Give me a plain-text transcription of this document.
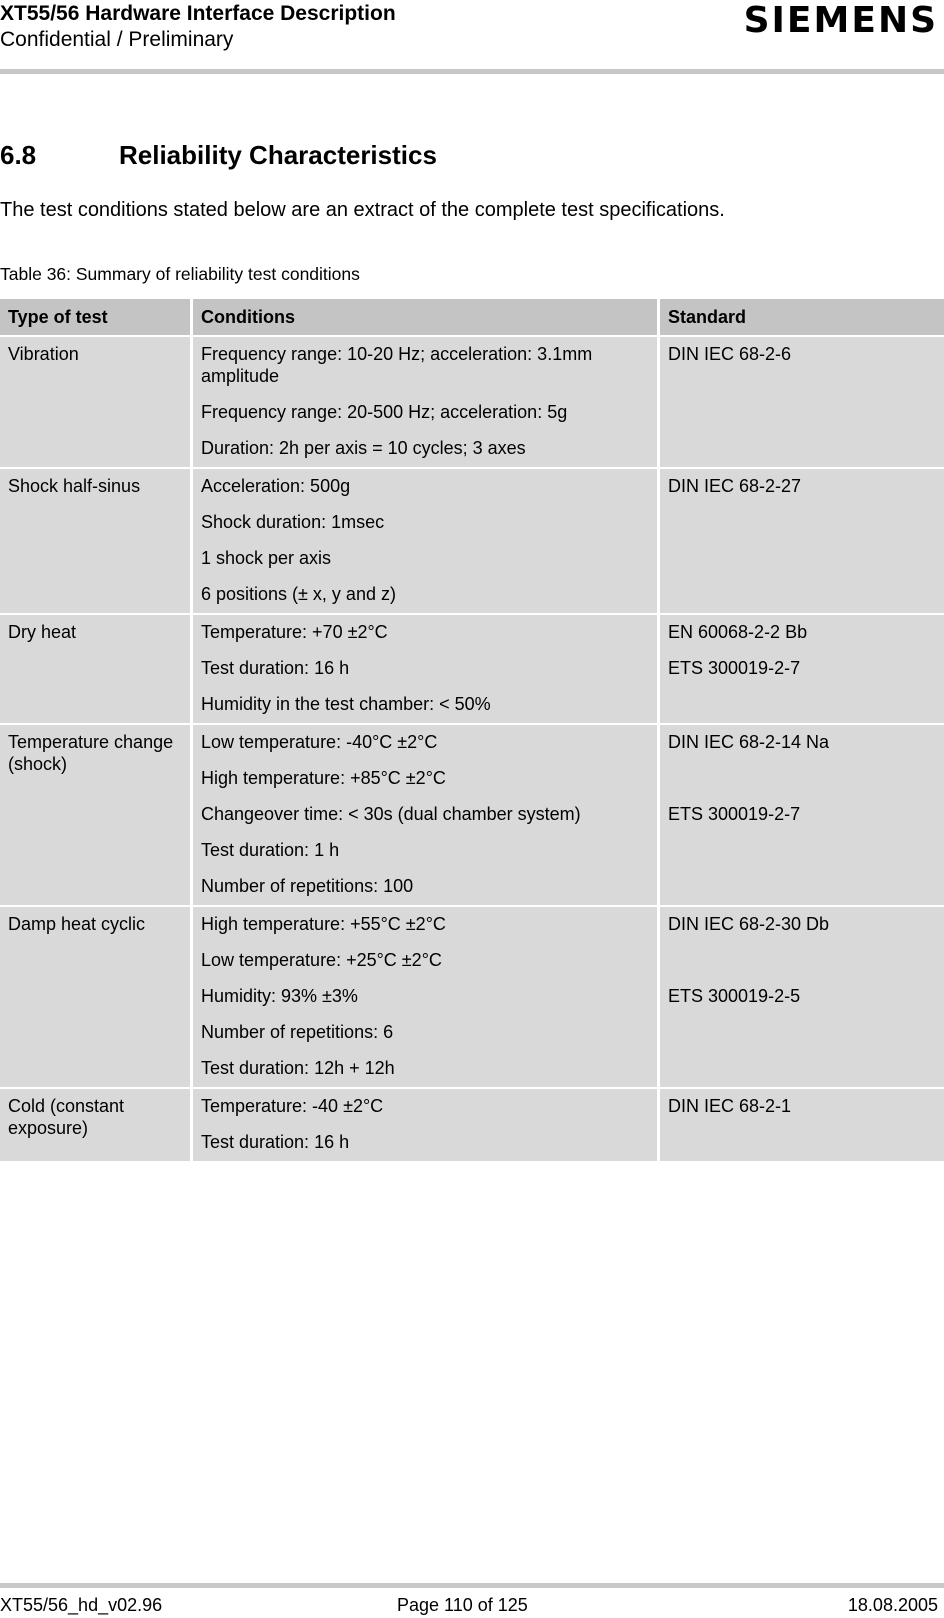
XT55/56 Hardware Interface Description
Confidential / Preliminary	SIEMENS
6.8	Reliability Characteristics
The test conditions stated below are an extract of the complete test specifications.
Table 36: Summary of reliability test conditions
Type of test	Conditions	Standard
Vibration	Frequency range: 10-20 Hz; acceleration: 3.1mm amplitude
Frequency range: 20-500 Hz; acceleration: 5g
Duration: 2h per axis = 10 cycles; 3 axes	DIN IEC 68-2-6

Shock half-sinus	Acceleration: 500g
Shock duration: 1msec
1 shock per axis
6 positions (± x, y and z)	DIN IEC 68-2-27

Dry heat	Temperature: +70 ±2°C
Test duration: 16 h
Humidity in the test chamber: < 50%	EN 60068-2-2 Bb
ETS 300019-2-7

Temperature change (shock)	Low temperature: -40°C ±2°C
High temperature: +85°C ±2°C
Changeover time: < 30s (dual chamber system)
Test duration: 1 h
Number of repetitions: 100	DIN IEC 68-2-14 Na
ETS 300019-2-7

Damp heat cyclic	High temperature: +55°C ±2°C
Low temperature: +25°C ±2°C
Humidity: 93% ±3%
Number of repetitions: 6
Test duration: 12h + 12h	DIN IEC 68-2-30 Db
ETS 300019-2-5

Cold (constant exposure)	Temperature: -40 ±2°C
Test duration: 16 h	DIN IEC 68-2-1
XT55/56_hd_v02.96	Page 110 of 125	18.08.2005
